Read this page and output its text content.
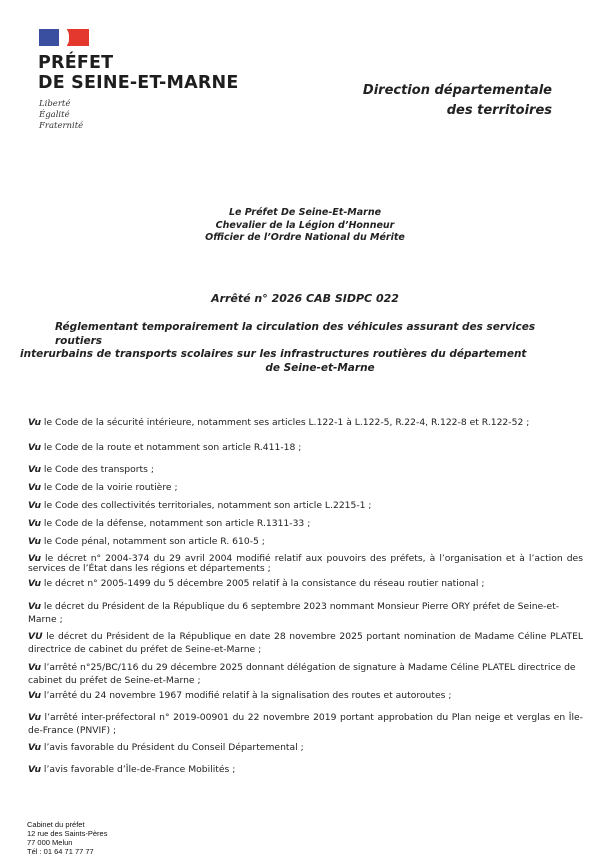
PRÉFET
DE SEINE-ET-MARNE
Liberté
Égalité
Fraternité
Direction départementale
des territoires
Le Préfet De Seine-Et-Marne
Chevalier de la Légion d’Honneur
Officier de l’Ordre National du Mérite
Arrêté n° 2026 CAB SIDPC 022
Réglementant temporairement la circulation des véhicules assurant des services routiers
interurbains de transports scolaires sur les infrastructures routières du département
de Seine-et-Marne
Vu le Code de la sécurité intérieure, notamment ses articles L.122-1 à L.122-5, R.22-4, R.122-8 et R.122-52 ;
Vu le Code de la route et notamment son article R.411-18 ;
Vu le Code des transports ;
Vu le Code de la voirie routière ;
Vu le Code des collectivités territoriales, notamment son article L.2215-1 ;
Vu le Code de la défense, notamment son article R.1311-33 ;
Vu le Code pénal, notamment son article R. 610-5 ;
Vu le décret n° 2004-374 du 29 avril 2004 modifié relatif aux pouvoirs des préfets, à l’organisation et à l’action des services de l’État dans les régions et départements ;
Vu le décret n° 2005-1499 du 5 décembre 2005 relatif à la consistance du réseau routier national ;
Vu le décret du Président de la République du 6 septembre 2023 nommant Monsieur Pierre ORY préfet de Seine-et-Marne ;
VU le décret du Président de la République en date 28 novembre 2025 portant nomination de Madame Céline PLATEL directrice de cabinet du préfet de Seine-et-Marne ;
Vu l’arrêté n°25/BC/116 du 29 décembre 2025 donnant délégation de signature à Madame Céline PLATEL directrice de cabinet du préfet de Seine-et-Marne ;
Vu l’arrêté du 24 novembre 1967 modifié relatif à la signalisation des routes et autoroutes ;
Vu l’arrêté inter-préfectoral n° 2019-00901 du 22 novembre 2019 portant approbation du Plan neige et verglas en Île-de-France (PNVIF) ;
Vu l’avis favorable du Président du Conseil Départemental ;
Vu l’avis favorable d’Île-de-France Mobilités ;
Cabinet du préfet
12 rue des Saints-Pères
77 000 Melun
Tél : 01 64 71 77 77
